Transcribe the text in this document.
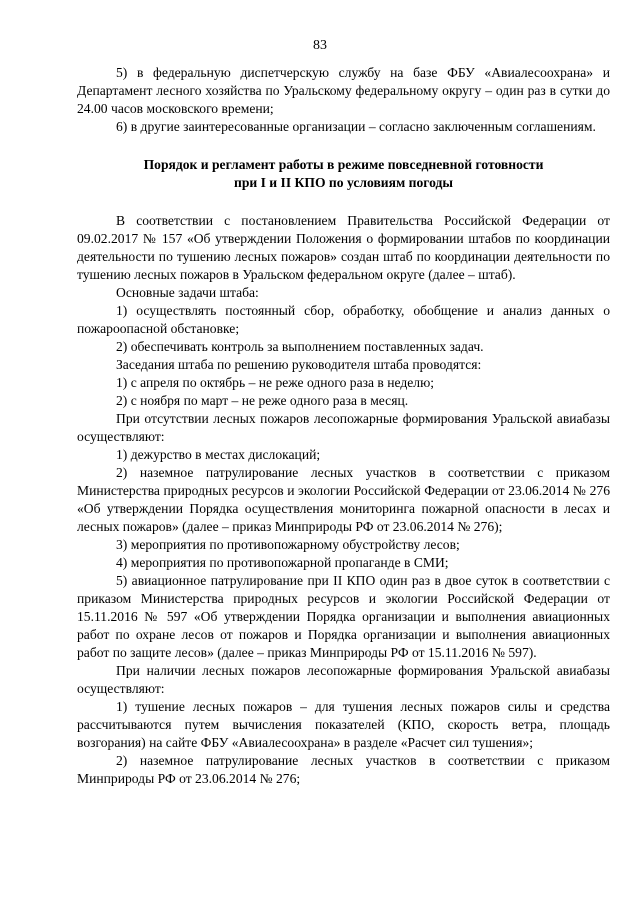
83

5) в федеральную диспетчерскую службу на базе ФБУ «Авиалесоохрана» и Департамент лесного хозяйства по Уральскому федеральному округу – один раз в сутки до 24.00 часов московского времени;

6) в другие заинтересованные организации – согласно заключенным соглашениям.

Порядок и регламент работы в режиме повседневной готовности
при I и II КПО по условиям погоды

В соответствии с постановлением Правительства Российской Федерации от 09.02.2017 № 157 «Об утверждении Положения о формировании штабов по координации деятельности по тушению лесных пожаров» создан штаб по координации деятельности по тушению лесных пожаров в Уральском федеральном округе (далее – штаб).

Основные задачи штаба:

1) осуществлять постоянный сбор, обработку, обобщение и анализ данных о пожароопасной обстановке;

2) обеспечивать контроль за выполнением поставленных задач.

Заседания штаба по решению руководителя штаба проводятся:

1) с апреля по октябрь – не реже одного раза в неделю;

2) с ноября по март – не реже одного раза в месяц.

При отсутствии лесных пожаров лесопожарные формирования Уральской авиабазы осуществляют:

1) дежурство в местах дислокаций;

2) наземное патрулирование лесных участков в соответствии с приказом Министерства природных ресурсов и экологии Российской Федерации от 23.06.2014 № 276 «Об утверждении Порядка осуществления мониторинга пожарной опасности в лесах и лесных пожаров» (далее – приказ Минприроды РФ от 23.06.2014 № 276);

3) мероприятия по противопожарному обустройству лесов;

4) мероприятия по противопожарной пропаганде в СМИ;

5) авиационное патрулирование при II КПО один раз в двое суток в соответствии с приказом Министерства природных ресурсов и экологии Российской Федерации от 15.11.2016 № 597 «Об утверждении Порядка организации и выполнения авиационных работ по охране лесов от пожаров и Порядка организации и выполнения авиационных работ по защите лесов» (далее – приказ Минприроды РФ от 15.11.2016 № 597).

При наличии лесных пожаров лесопожарные формирования Уральской авиабазы осуществляют:

1) тушение лесных пожаров – для тушения лесных пожаров силы и средства рассчитываются путем вычисления показателей (КПО, скорость ветра, площадь возгорания) на сайте ФБУ «Авиалесоохрана» в разделе «Расчет сил тушения»;

2) наземное патрулирование лесных участков в соответствии с приказом Минприроды РФ от 23.06.2014 № 276;
